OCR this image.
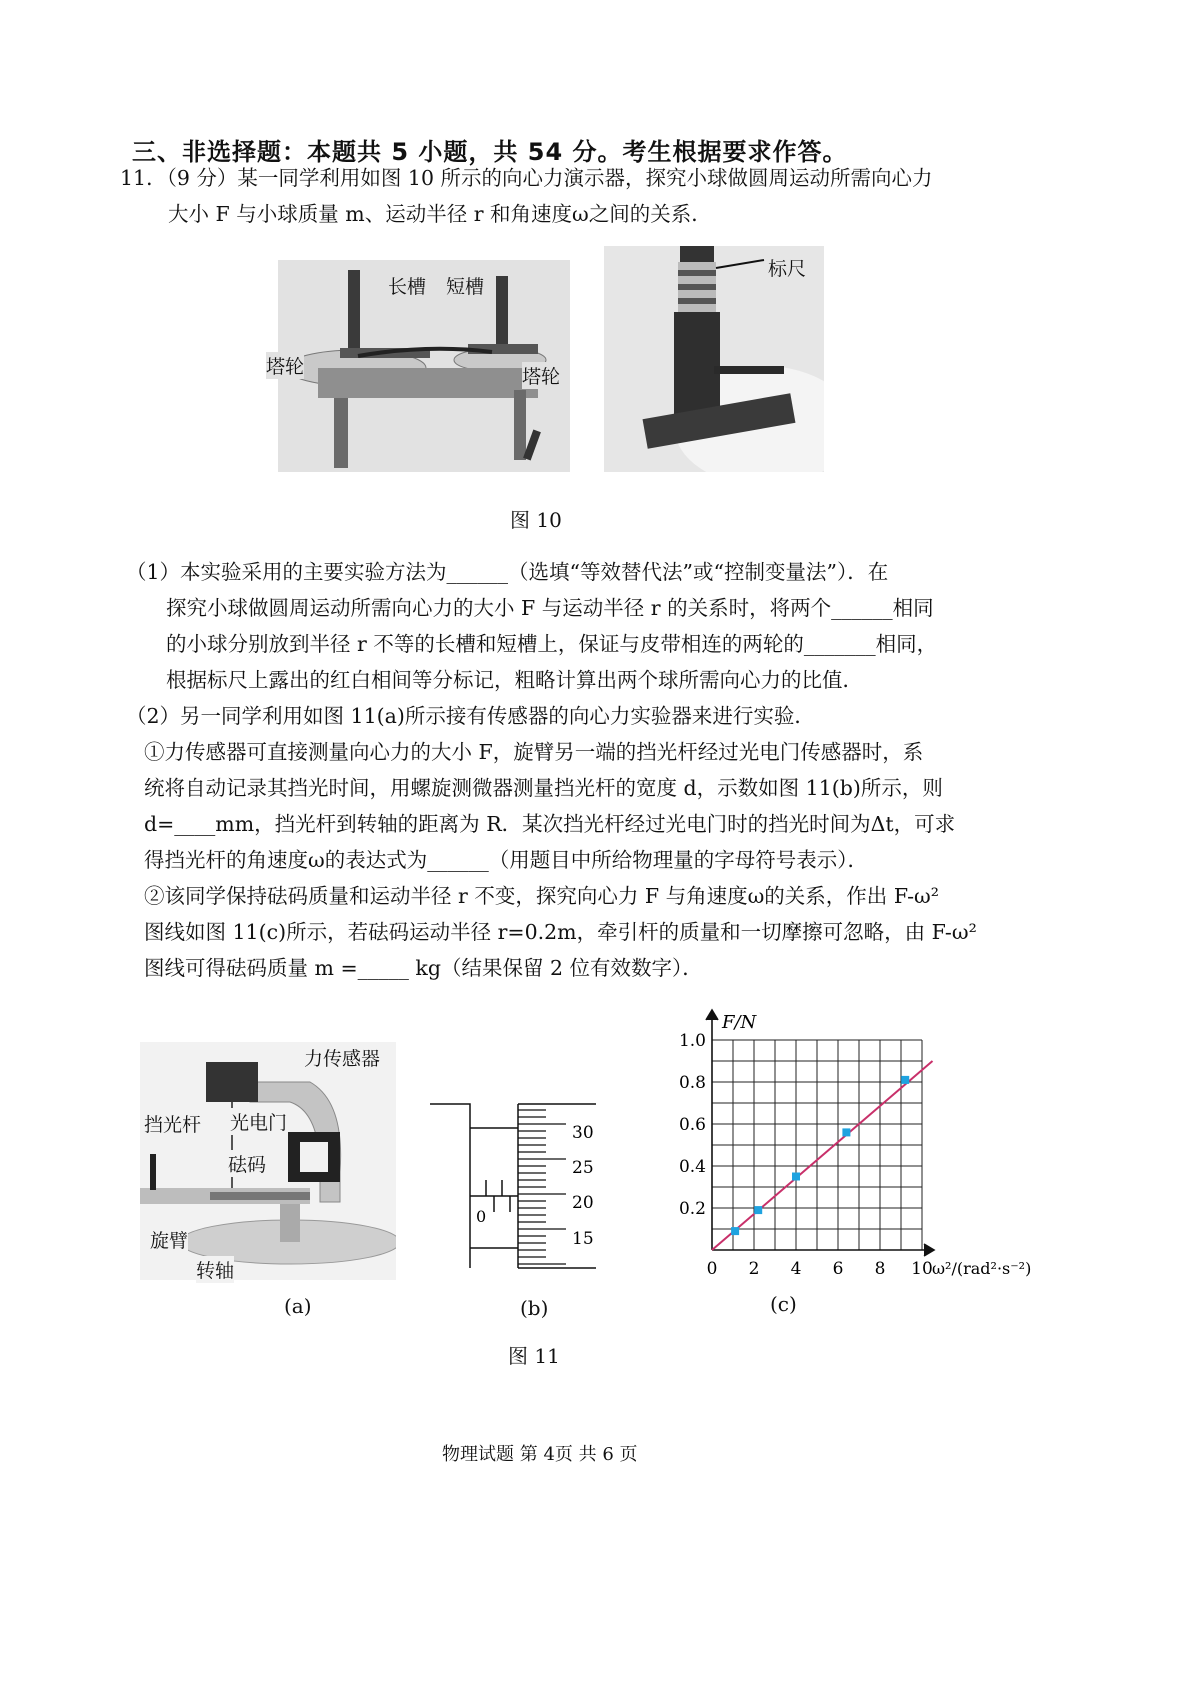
三、非选择题：本题共 5 小题，共 54 分。考生根据要求作答。
11．（9 分）某一同学利用如图 10 所示的向心力演示器，探究小球做圆周运动所需向心力
大小 F 与小球质量 m、运动半径 r 和角速度ω之间的关系．
（1）本实验采用的主要实验方法为______（选填“等效替代法”或“控制变量法”）．在
探究小球做圆周运动所需向心力的大小 F 与运动半径 r 的关系时，将两个______相同
的小球分别放到半径 r 不等的长槽和短槽上，保证与皮带相连的两轮的_______相同，
根据标尺上露出的红白相间等分标记，粗略计算出两个球所需向心力的比值．
（2）另一同学利用如图 11(a)所示接有传感器的向心力实验器来进行实验．
①力传感器可直接测量向心力的大小 F，旋臂另一端的挡光杆经过光电门传感器时，系
统将自动记录其挡光时间，用螺旋测微器测量挡光杆的宽度 d，示数如图 11(b)所示，则
d=____mm，挡光杆到转轴的距离为 R．某次挡光杆经过光电门时的挡光时间为Δt，可求
得挡光杆的角速度ω的表达式为______（用题目中所给物理量的字母符号表示）．
②该同学保持砝码质量和运动半径 r 不变，探究向心力 F 与角速度ω的关系，作出 F-ω²
图线如图 11(c)所示，若砝码运动半径 r=0.2m，牵引杆的质量和一切摩擦可忽略，由 F-ω²
图线可得砝码质量 m =_____ kg（结果保留 2 位有效数字）．
长槽 短槽
塔轮	塔轮
标尺
图 10
力传感器
挡光杆 光电门
砝码
旋臂
转轴
(a)
30
25
20
15
0
(b)
0.2
0.4
0.6
0.8
1.0
0 2 4 6 8 10
F/N
ω²/(rad²·s⁻²)
(c)
图 11
物理试题 第 4页 共 6 页
